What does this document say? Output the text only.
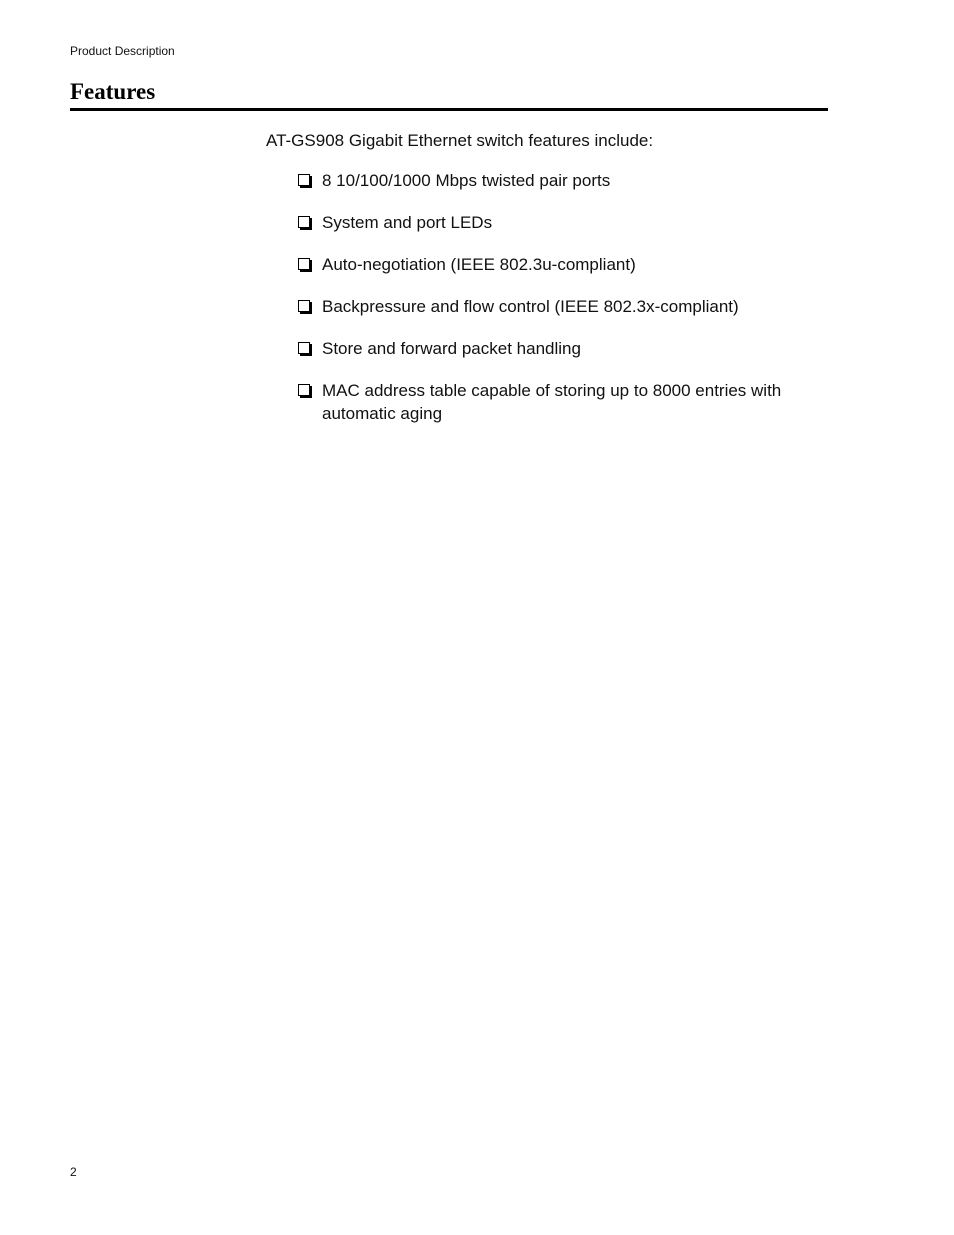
Product Description
Features

AT-GS908 Gigabit Ethernet switch features include:

8 10/100/1000 Mbps twisted pair ports
System and port LEDs
Auto-negotiation (IEEE 802.3u-compliant)
Backpressure and flow control (IEEE 802.3x-compliant)
Store and forward packet handling
MAC address table capable of storing up to 8000 entries with automatic aging
2
